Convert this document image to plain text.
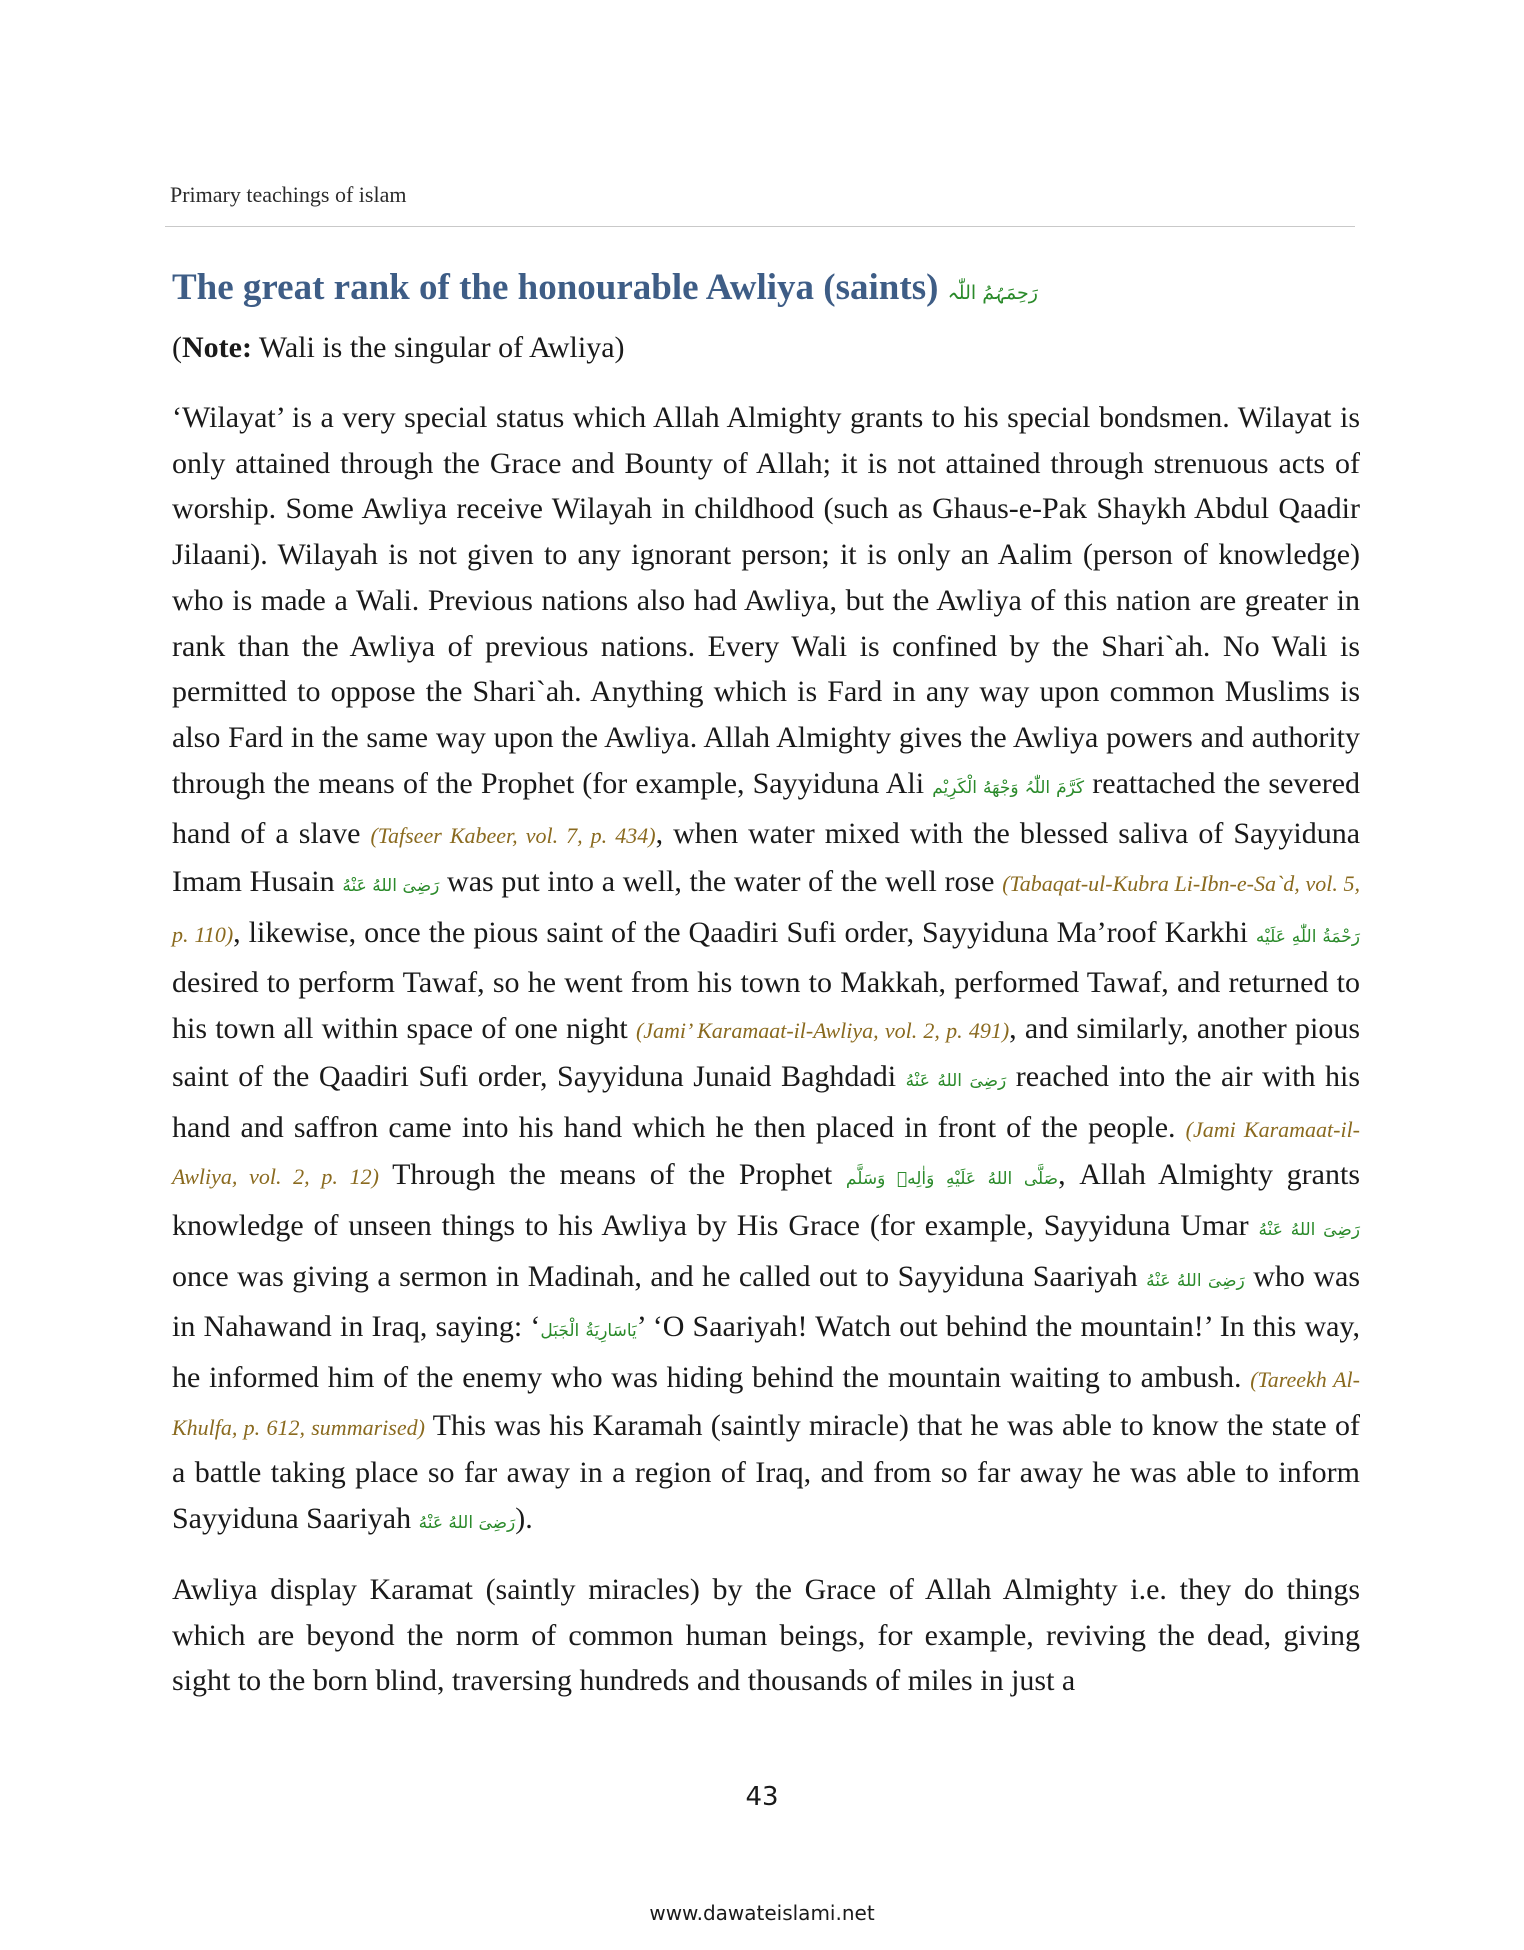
Primary teachings of islam
The great rank of the honourable Awliya (saints) رَحِمَہُمُ اللّٰہ
(Note: Wali is the singular of Awliya)

‘Wilayat’ is a very special status which Allah Almighty grants to his special bondsmen. Wilayat is only attained through the Grace and Bounty of Allah; it is not attained through strenuous acts of worship. Some Awliya receive Wilayah in childhood (such as Ghaus-e-Pak Shaykh Abdul Qaadir Jilaani). Wilayah is not given to any ignorant person; it is only an Aalim (person of knowledge) who is made a Wali. Previous nations also had Awliya, but the Awliya of this nation are greater in rank than the Awliya of previous nations. Every Wali is confined by the Shari`ah. No Wali is permitted to oppose the Shari`ah. Anything which is Fard in any way upon common Muslims is also Fard in the same way upon the Awliya. Allah Almighty gives the Awliya powers and authority through the means of the Prophet (for example, Sayyiduna Ali كَرَّمَ اللّٰہُ وَجْهَهُ الْكَرِيْم reattached the severed hand of a slave (Tafseer Kabeer, vol. 7, p. 434), when water mixed with the blessed saliva of Sayyiduna Imam Husain رَضِیَ اللهُ عَنْهُ was put into a well, the water of the well rose (Tabaqat-ul-Kubra Li-Ibn-e-Sa`d, vol. 5, p. 110), likewise, once the pious saint of the Qaadiri Sufi order, Sayyiduna Ma’roof Karkhi رَحْمَةُ اللّٰهِ عَلَيْه desired to perform Tawaf, so he went from his town to Makkah, performed Tawaf, and returned to his town all within space of one night (Jami’ Karamaat-il-Awliya, vol. 2, p. 491), and similarly, another pious saint of the Qaadiri Sufi order, Sayyiduna Junaid Baghdadi رَضِیَ اللهُ عَنْهُ reached into the air with his hand and saffron came into his hand which he then placed in front of the people. (Jami Karamaat-il-Awliya, vol. 2, p. 12) Through the means of the Prophet صَلَّى اللهُ عَلَيْهِ وَاٰلِهٖ وَسَلَّم, Allah Almighty grants knowledge of unseen things to his Awliya by His Grace (for example, Sayyiduna Umar رَضِیَ اللهُ عَنْهُ once was giving a sermon in Madinah, and he called out to Sayyiduna Saariyah رَضِیَ اللهُ عَنْهُ who was in Nahawand in Iraq, saying: ‘يَاسَارِيَةُ الْجَبَل’ ‘O Saariyah! Watch out behind the mountain!’ In this way, he informed him of the enemy who was hiding behind the mountain waiting to ambush. (Tareekh Al-Khulfa, p. 612, summarised) This was his Karamah (saintly miracle) that he was able to know the state of a battle taking place so far away in a region of Iraq, and from so far away he was able to inform Sayyiduna Saariyah رَضِیَ اللهُ عَنْهُ).

Awliya display Karamat (saintly miracles) by the Grace of Allah Almighty i.e. they do things which are beyond the norm of common human beings, for example, reviving the dead, giving sight to the born blind, traversing hundreds and thousands of miles in just a

43
www.dawateislami.net
